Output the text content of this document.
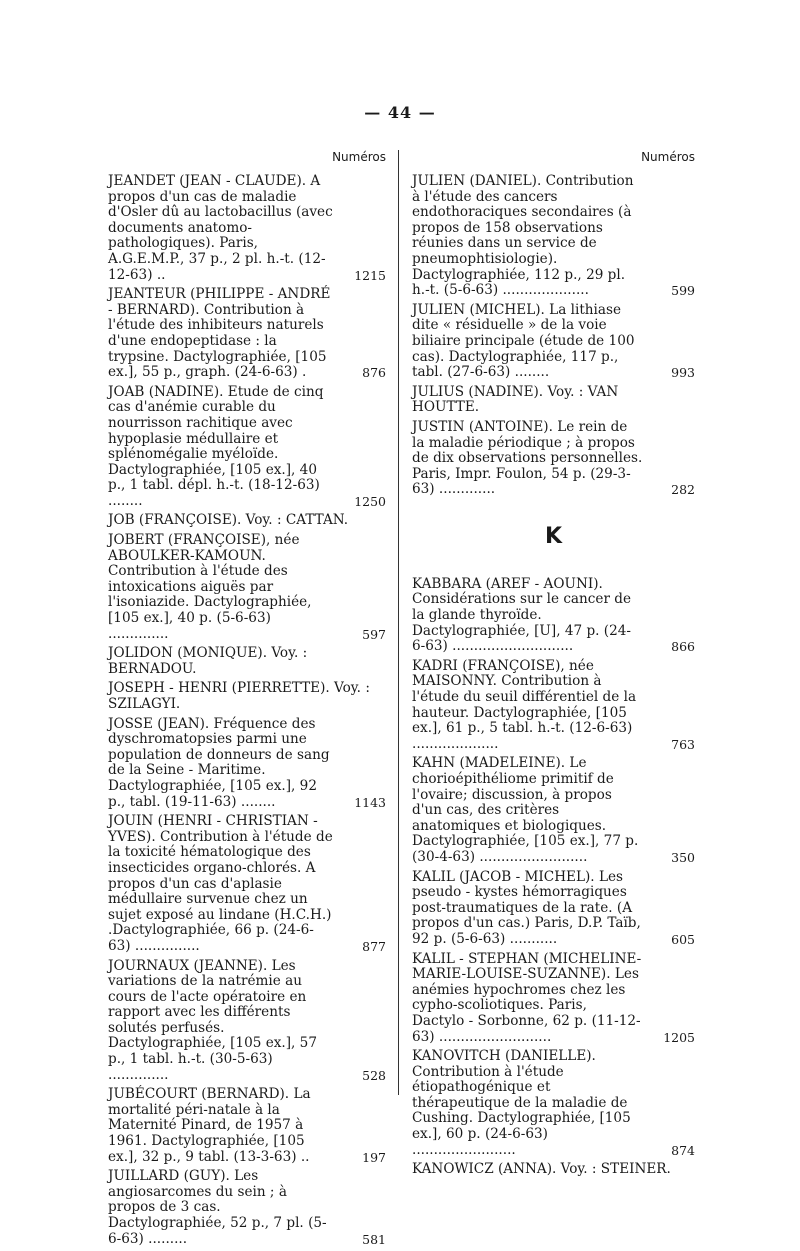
— 44 —
Numéros
JEANDET (JEAN - CLAUDE). A propos d'un cas de maladie d'Osler dû au lactobacillus (avec documents anatomo-pathologiques). Paris, A.G.E.M.P., 37 p., 2 pl. h.-t. (12-12-63) ..	1215
JEANTEUR (PHILIPPE - ANDRÉ - BERNARD). Contribution à l'étude des inhibiteurs naturels d'une endopeptidase : la trypsine. Dactylographiée, [105 ex.], 55 p., graph. (24-6-63) .	876
JOAB (NADINE). Etude de cinq cas d'anémie curable du nourrisson rachitique avec hypoplasie médullaire et splénomégalie myéloïde. Dactylographiée, [105 ex.], 40 p., 1 tabl. dépl. h.-t. (18-12-63) ........	1250
JOB (FRANÇOISE). Voy. : CATTAN.
JOBERT (FRANÇOISE), née ABOULKER-KAMOUN. Contribution à l'étude des intoxications aiguës par l'isoniazide. Dactylographiée, [105 ex.], 40 p. (5-6-63) ..............	597
JOLIDON (MONIQUE). Voy. : BERNADOU.
JOSEPH - HENRI (PIERRETTE). Voy. : SZILAGYI.
JOSSE (JEAN). Fréquence des dyschromatopsies parmi une population de donneurs de sang de la Seine - Maritime. Dactylographiée, [105 ex.], 92 p., tabl. (19-11-63) ........	1143
JOUIN (HENRI - CHRISTIAN - YVES). Contribution à l'étude de la toxicité hématologique des insecticides organo-chlorés. A propos d'un cas d'aplasie médullaire survenue chez un sujet exposé au lindane (H.C.H.) .Dactylographiée, 66 p. (24-6-63) ...............	877
JOURNAUX (JEANNE). Les variations de la natrémie au cours de l'acte opératoire en rapport avec les différents solutés perfusés. Dactylographiée, [105 ex.], 57 p., 1 tabl. h.-t. (30-5-63) ..............	528
JUBÉCOURT (BERNARD). La mortalité péri-natale à la Maternité Pinard, de 1957 à 1961. Dactylographiée, [105 ex.], 32 p., 9 tabl. (13-3-63) ..	197
JUILLARD (GUY). Les angiosarcomes du sein ; à propos de 3 cas. Dactylographiée, 52 p., 7 pl. (5-6-63) .........	581
Numéros
JULIEN (DANIEL). Contribution à l'étude des cancers endothoraciques secondaires (à propos de 158 observations réunies dans un service de pneumophtisiologie). Dactylographiée, 112 p., 29 pl. h.-t. (5-6-63) ....................	599
JULIEN (MICHEL). La lithiase dite « résiduelle » de la voie biliaire principale (étude de 100 cas). Dactylographiée, 117 p., tabl. (27-6-63) ........	993
JULIUS (NADINE). Voy. : VAN HOUTTE.
JUSTIN (ANTOINE). Le rein de la maladie périodique ; à propos de dix observations personnelles. Paris, Impr. Foulon, 54 p. (29-3-63) .............	282
K
KABBARA (AREF - AOUNI). Considérations sur le cancer de la glande thyroïde. Dactylographiée, [U], 47 p. (24-6-63) ............................	866
KADRI (FRANÇOISE), née MAISONNY. Contribution à l'étude du seuil différentiel de la hauteur. Dactylographiée, [105 ex.], 61 p., 5 tabl. h.-t. (12-6-63) ....................	763
KAHN (MADELEINE). Le chorioépithéliome primitif de l'ovaire; discussion, à propos d'un cas, des critères anatomiques et biologiques. Dactylographiée, [105 ex.], 77 p. (30-4-63) .........................	350
KALIL (JACOB - MICHEL). Les pseudo - kystes hémorragiques post-traumatiques de la rate. (A propos d'un cas.) Paris, D.P. Taïb, 92 p. (5-6-63) ...........	605
KALIL - STEPHAN (MICHELINE-MARIE-LOUISE-SUZANNE). Les anémies hypochromes chez les cypho-scoliotiques. Paris, Dactylo - Sorbonne, 62 p. (11-12-63) ..........................	1205
KANOVITCH (DANIELLE). Contribution à l'étude étiopathogénique et thérapeutique de la maladie de Cushing. Dactylographiée, [105 ex.], 60 p. (24-6-63) ........................	874
KANOWICZ (ANNA). Voy. : STEINER.
